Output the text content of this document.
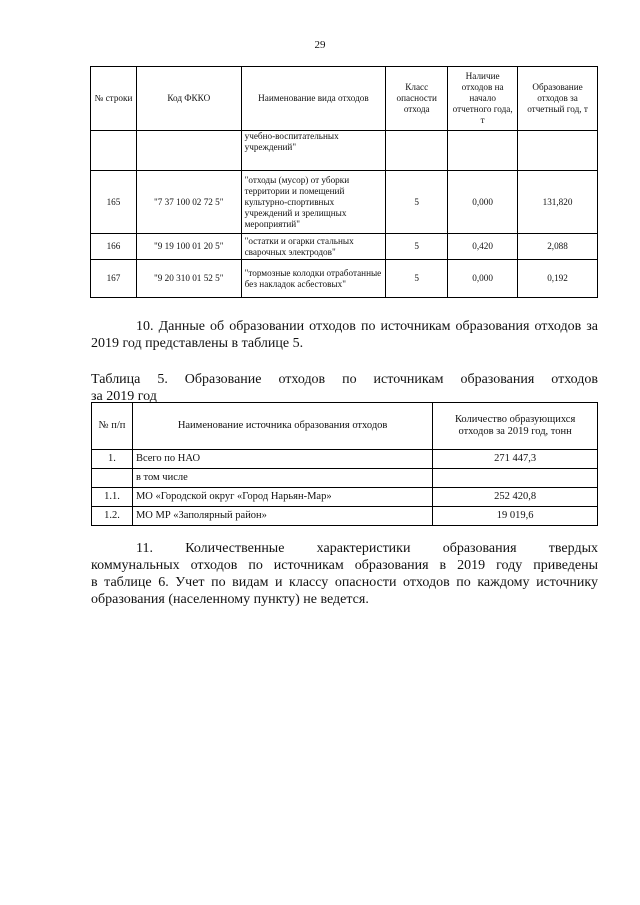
29
№ строки	Код ФККО	Наименование вида отходов	Класс опасности отхода	Наличие отходов на начало отчетного года, т	Образование отходов за отчетный год, т
		учебно-воспитательных учреждений"			
165	"7 37 100 02 72 5"	"отходы (мусор) от уборки территории и помещений культурно-спортивных учреждений и зрелищных мероприятий"	5	0,000	131,820
166	"9 19 100 01 20 5"	"остатки и огарки стальных сварочных электродов"	5	0,420	2,088
167	"9 20 310 01 52 5"	"тормозные колодки отработанные без накладок асбестовых"	5	0,000	0,192
10. Данные об образовании отходов по источникам образования отходов за 2019 год представлены в таблице 5.
Таблица 5. Образование отходов по источникам образования отходов
за 2019 год
№ п/п	Наименование источника образования отходов	Количество образующихся отходов за 2019 год, тонн
1.	Всего по НАО	271 447,3
	в том числе	
1.1.	МО «Городской округ «Город Нарьян-Мар»	252 420,8
1.2.	МО МР «Заполярный район»	19 019,6
11. Количественные характеристики образования твердых
коммунальных отходов по источникам образования в 2019 году приведены
в таблице 6. Учет по видам и классу опасности отходов по каждому источнику
образования (населенному пункту) не ведется.
